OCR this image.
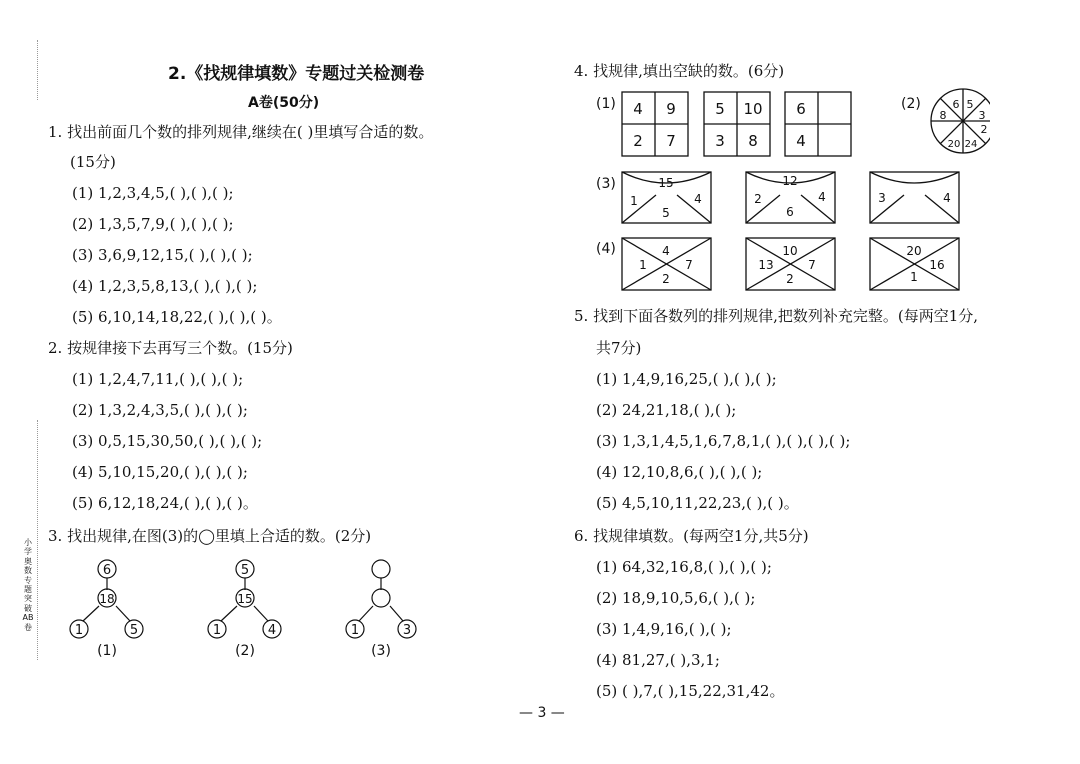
小学奥数专题突破AB卷
2.《找规律填数》专题过关检测卷
A卷(50分)
1. 找出前面几个数的排列规律,继续在( )里填写合适的数。
(15分)
(1) 1,2,3,4,5,( ),( ),( );
(2) 1,3,5,7,9,( ),( ),( );
(3) 3,6,9,12,15,( ),( ),( );
(4) 1,2,3,5,8,13,( ),( ),( );
(5) 6,10,14,18,22,( ),( ),( )。
2. 按规律接下去再写三个数。(15分)
(1) 1,2,4,7,11,( ),( ),( );
(2) 1,3,2,4,3,5,( ),( ),( );
(3) 0,5,15,30,50,( ),( ),( );
(4) 5,10,15,20,( ),( ),( );
(5) 6,12,18,24,( ),( ),( )。
3. 找出规律,在图(3)的◯里填上合适的数。(2分)
6
18
1	5
(1)
5
15
1	4
(2)
1	3
(3)
4. 找规律,填出空缺的数。(6分)
(1)	(2)
(3)
(4)
4 9
2 7
5 10
3 8
6
4
6 5
3
2
24
20
8
15
1	4
5
12
2	4
6
3	4
4
1	7
2
10
13	7
2
20
16
1
5. 找到下面各数列的排列规律,把数列补充完整。(每两空1分,
共7分)
(1) 1,4,9,16,25,( ),( ),( );
(2) 24,21,18,( ),( );
(3) 1,3,1,4,5,1,6,7,8,1,( ),( ),( ),( );
(4) 12,10,8,6,( ),( ),( );
(5) 4,5,10,11,22,23,( ),( )。
6. 找规律填数。(每两空1分,共5分)
(1) 64,32,16,8,( ),( ),( );
(2) 18,9,10,5,6,( ),( );
(3) 1,4,9,16,( ),( );
(4) 81,27,( ),3,1;
(5) ( ),7,( ),15,22,31,42。
— 3 —
